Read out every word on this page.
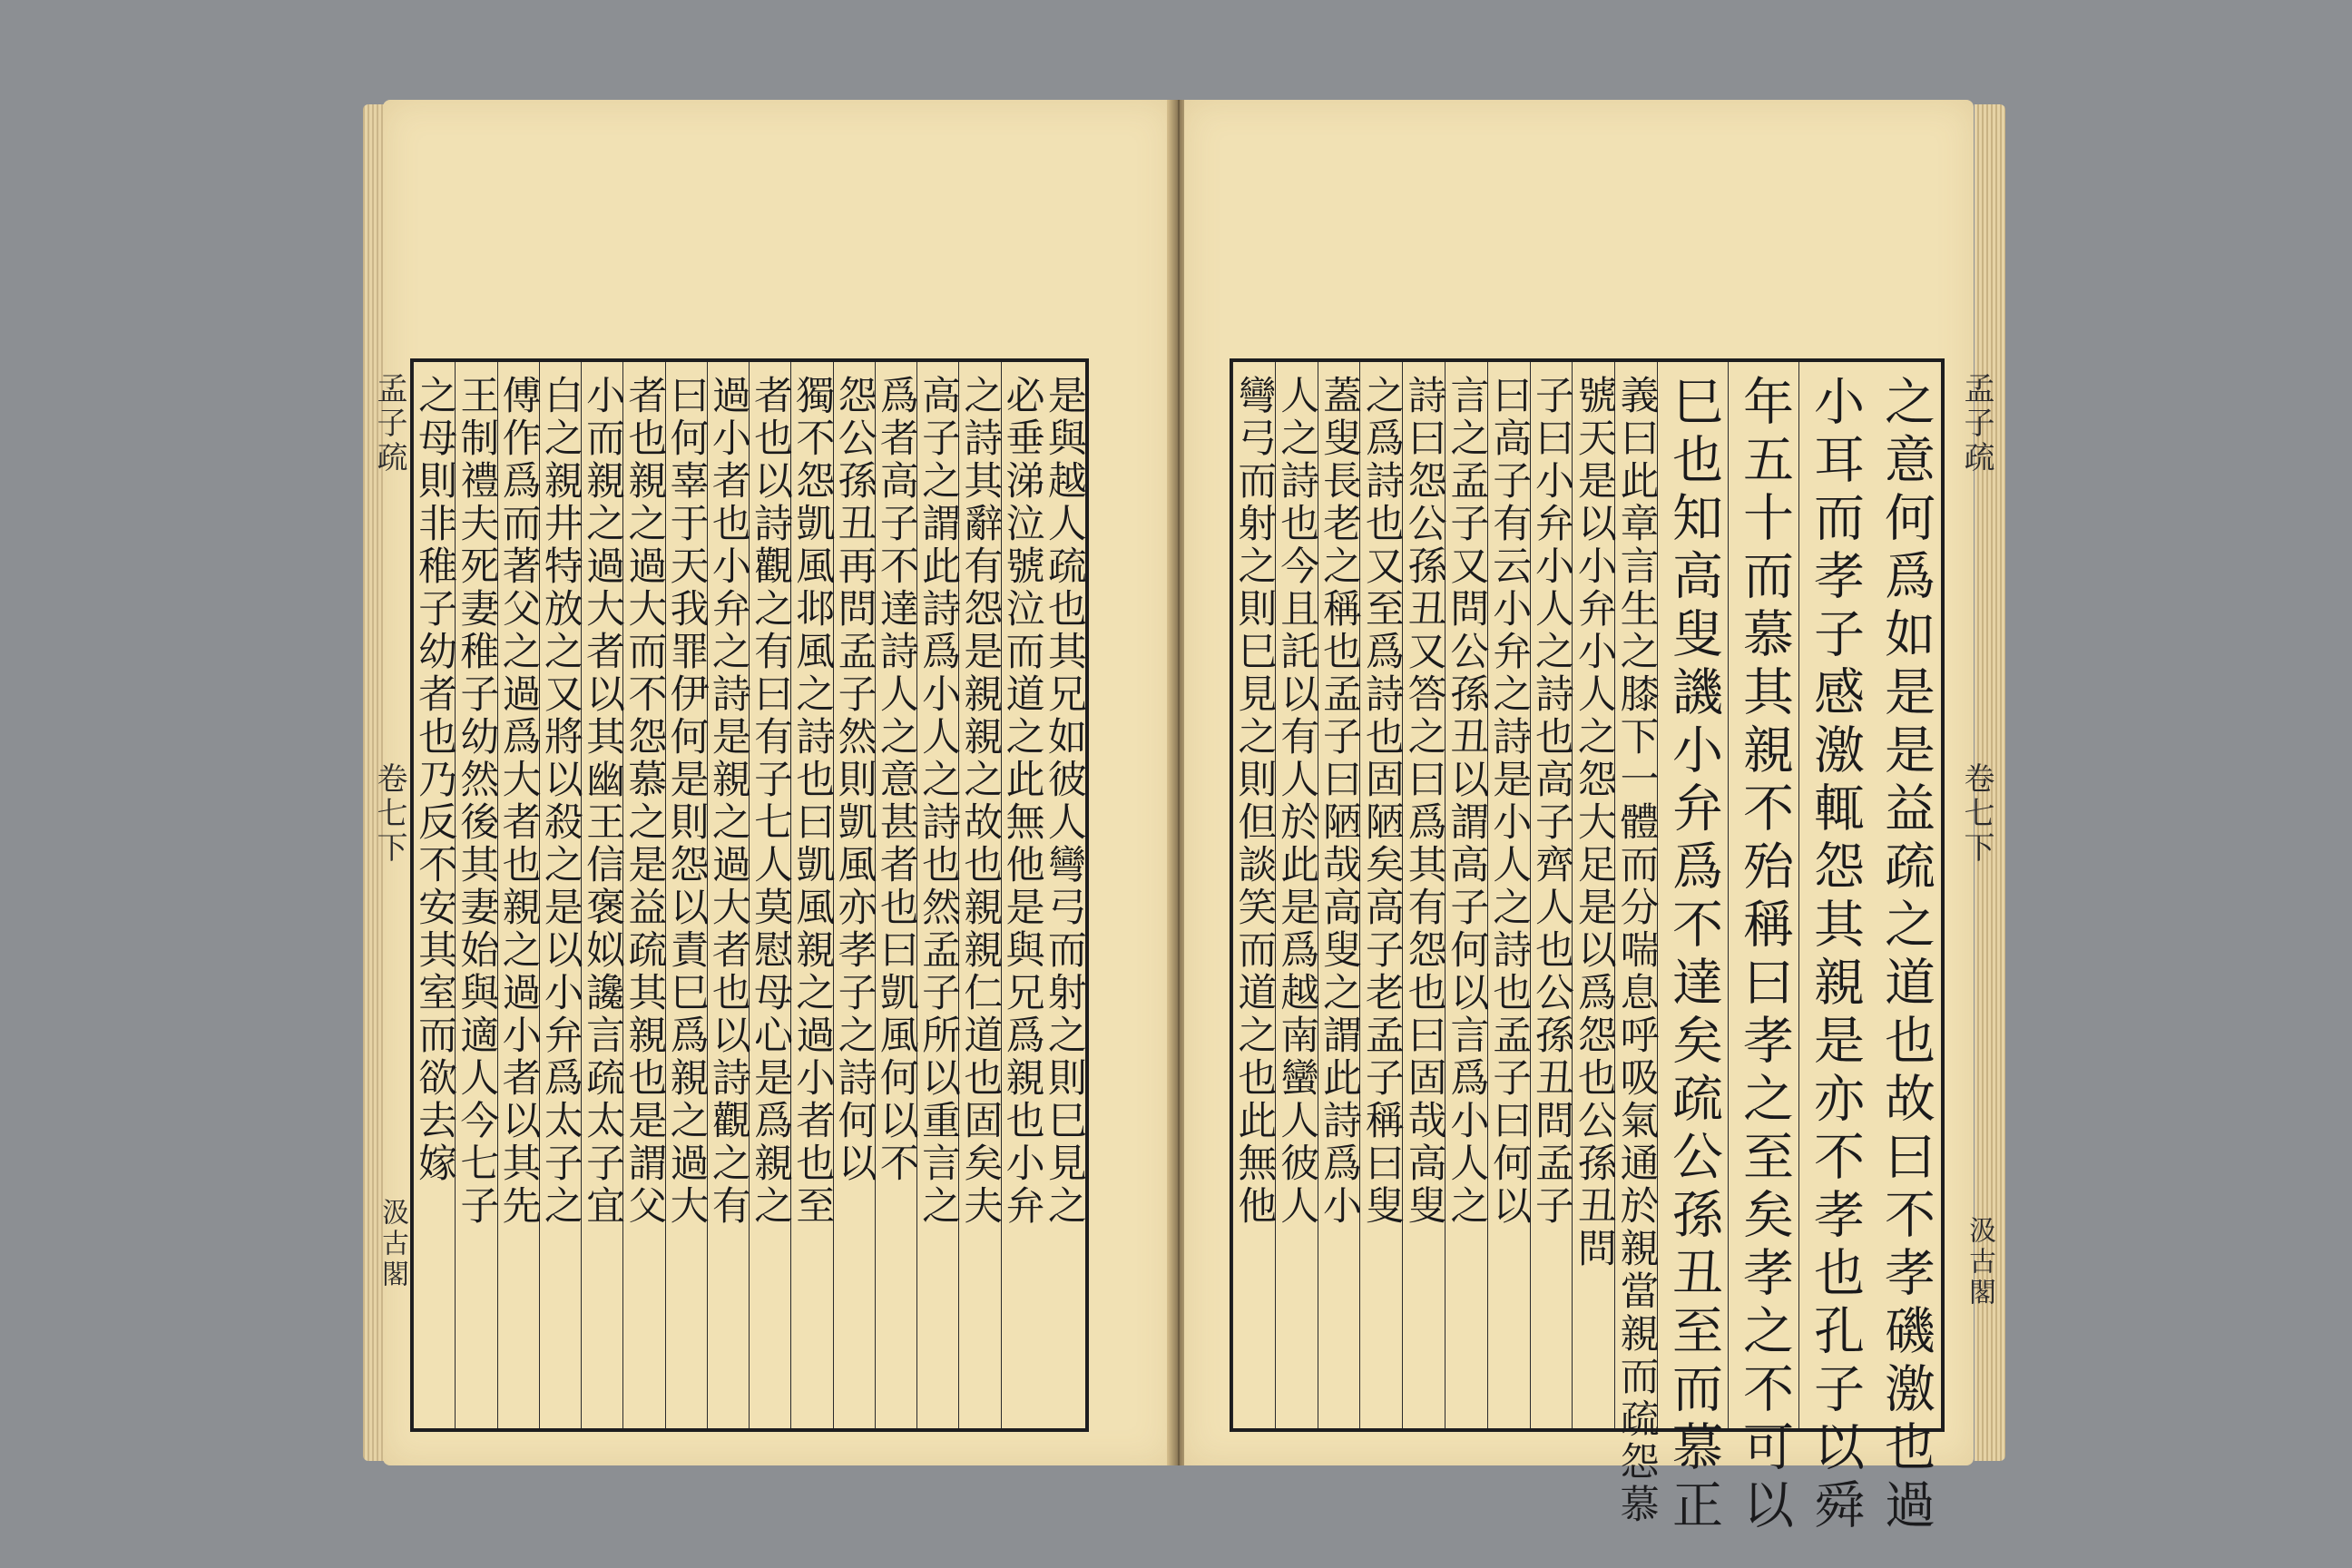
孟子疏
卷七下
汲古閣
是與越人疏也其兄如彼人彎弓而射之則巳見之
必垂涕泣號泣而道之此無他是與兄爲親也小弁
之詩其辭有怨是親親之故也親親仁道也固矣夫
高子之謂此詩爲小人之詩也然孟子所以重言之
爲者高子不達詩人之意甚者也曰凱風何以不
怨公孫丑再問孟子然則凱風亦孝子之詩何以
獨不怨凱風邶風之詩也曰凱風親之過小者也至
者也以詩觀之有曰有子七人莫慰母心是爲親之
過小者也小弁之詩是親之過大者也以詩觀之有
曰何辜于天我罪伊何是則怨以責巳爲親之過大
者也親之過大而不怨慕之是益疏其親也是謂父
小而親之過大者以其幽王信褒姒讒言疏太子宜
白之親井特放之又將以殺之是以小弁爲太子之
傅作爲而著父之過爲大者也親之過小者以其先
王制禮夫死妻稚子幼然後其妻始與適人今七子
之母則非稚子幼者也乃反不安其室而欲去嫁	孟子疏
卷七下
汲古閣
之意何爲如是是益疏之道也故曰不孝磯激也過
小耳而孝子感激輒怨其親是亦不孝也孔子以舜
年五十而慕其親不殆稱曰孝之至矣孝之不可以
巳也知高叟譏小弁爲不達矣疏公孫丑至而慕正
義曰此章言生之膝下一體而分喘息呼吸氣通於親當親而疏怨慕
號天是以小弁小人之怨大足是以爲怨也公孫丑問
子曰小弁小人之詩也高子齊人也公孫丑問孟子
曰高子有云小弁之詩是小人之詩也孟子曰何以
言之孟子又問公孫丑以謂高子何以言爲小人之
詩曰怨公孫丑又答之曰爲其有怨也曰固哉高叟
之爲詩也又至爲詩也固陋矣高子老孟子稱曰叟
蓋叟長老之稱也孟子曰陋哉高叟之謂此詩爲小
人之詩也今且託以有人於此是爲越南蠻人彼人
彎弓而射之則巳見之則但談笑而道之也此無他
